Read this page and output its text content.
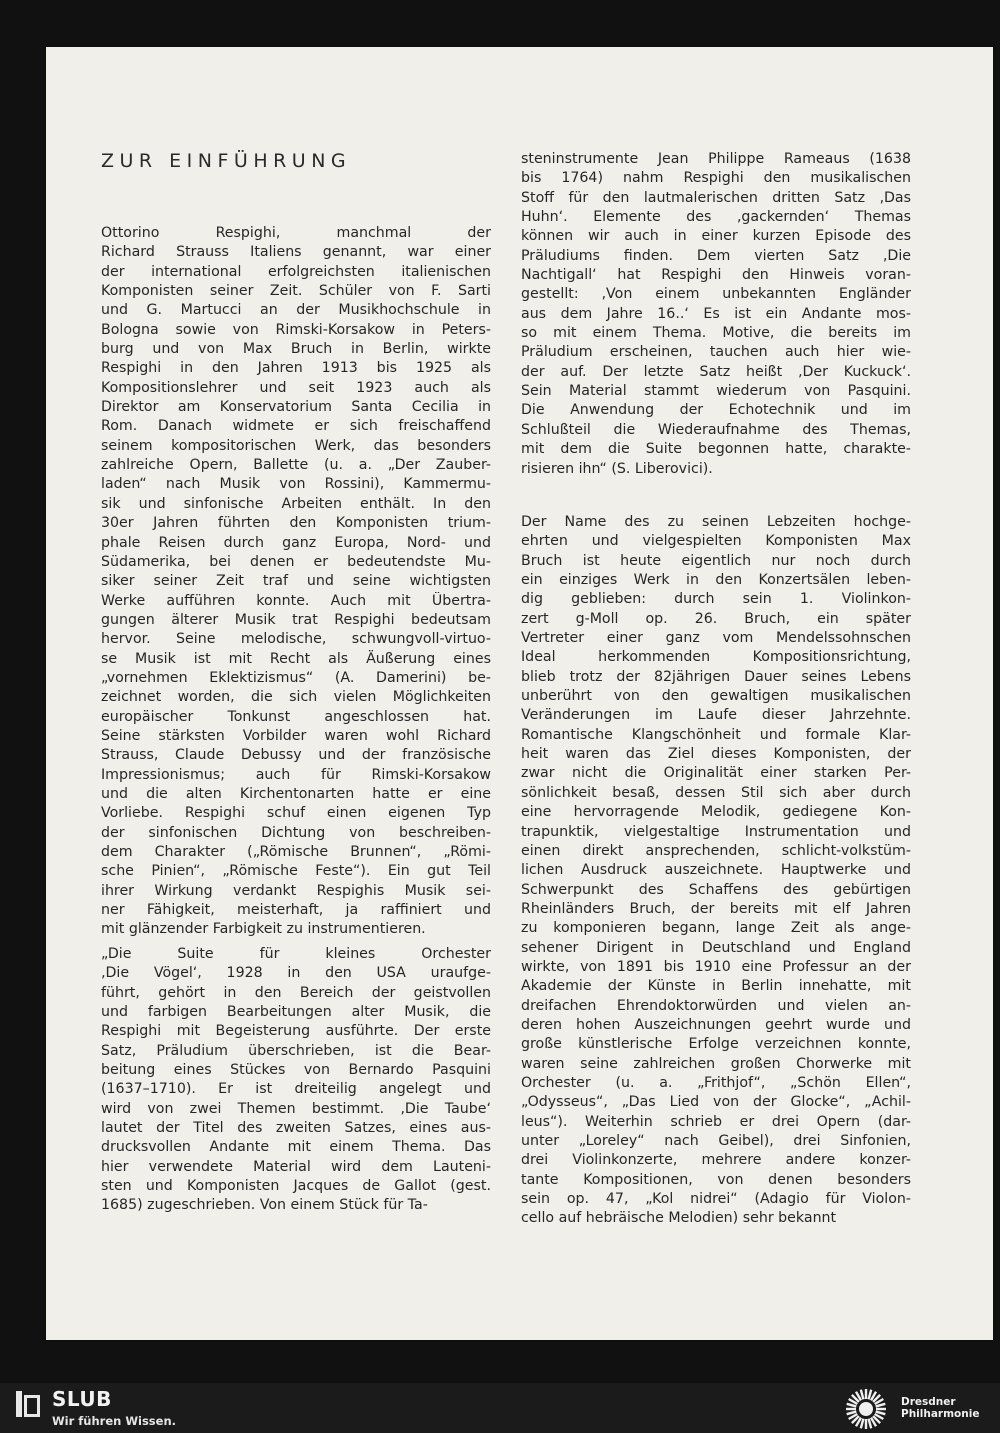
ZUR EINFÜHRUNG
Ottorino Respighi, manchmal der
Richard Strauss Italiens genannt, war einer
der international erfolgreichsten italienischen
Komponisten seiner Zeit. Schüler von F. Sarti
und G. Martucci an der Musikhochschule in
Bologna sowie von Rimski-Korsakow in Peters-
burg und von Max Bruch in Berlin, wirkte
Respighi in den Jahren 1913 bis 1925 als
Kompositionslehrer und seit 1923 auch als
Direktor am Konservatorium Santa Cecilia in
Rom. Danach widmete er sich freischaffend
seinem kompositorischen Werk, das besonders
zahlreiche Opern, Ballette (u. a. „Der Zauber-
laden“ nach Musik von Rossini), Kammermu-
sik und sinfonische Arbeiten enthält. In den
30er Jahren führten den Komponisten trium-
phale Reisen durch ganz Europa, Nord- und
Südamerika, bei denen er bedeutendste Mu-
siker seiner Zeit traf und seine wichtigsten
Werke aufführen konnte. Auch mit Übertra-
gungen älterer Musik trat Respighi bedeutsam
hervor. Seine melodische, schwungvoll-virtuo-
se Musik ist mit Recht als Äußerung eines
„vornehmen Eklektizismus“ (A. Damerini) be-
zeichnet worden, die sich vielen Möglichkeiten
europäischer Tonkunst angeschlossen hat.
Seine stärksten Vorbilder waren wohl Richard
Strauss, Claude Debussy und der französische
Impressionismus; auch für Rimski-Korsakow
und die alten Kirchentonarten hatte er eine
Vorliebe. Respighi schuf einen eigenen Typ
der sinfonischen Dichtung von beschreiben-
dem Charakter („Römische Brunnen“, „Römi-
sche Pinien“, „Römische Feste“). Ein gut Teil
ihrer Wirkung verdankt Respighis Musik sei-
ner Fähigkeit, meisterhaft, ja raffiniert und
mit glänzender Farbigkeit zu instrumentieren.
„Die Suite für kleines Orchester
‚Die Vögel‘, 1928 in den USA uraufge-
führt, gehört in den Bereich der geistvollen
und farbigen Bearbeitungen alter Musik, die
Respighi mit Begeisterung ausführte. Der erste
Satz, Präludium überschrieben, ist die Bear-
beitung eines Stückes von Bernardo Pasquini
(1637–1710). Er ist dreiteilig angelegt und
wird von zwei Themen bestimmt. ‚Die Taube‘
lautet der Titel des zweiten Satzes, eines aus-
drucksvollen Andante mit einem Thema. Das
hier verwendete Material wird dem Lauteni-
sten und Komponisten Jacques de Gallot (gest.
1685) zugeschrieben. Von einem Stück für Ta-
steninstrumente Jean Philippe Rameaus (1638
bis 1764) nahm Respighi den musikalischen
Stoff für den lautmalerischen dritten Satz ‚Das
Huhn‘. Elemente des ‚gackernden‘ Themas
können wir auch in einer kurzen Episode des
Präludiums finden. Dem vierten Satz ‚Die
Nachtigall‘ hat Respighi den Hinweis voran-
gestellt: ‚Von einem unbekannten Engländer
aus dem Jahre 16..‘ Es ist ein Andante mos-
so mit einem Thema. Motive, die bereits im
Präludium erscheinen, tauchen auch hier wie-
der auf. Der letzte Satz heißt ‚Der Kuckuck‘.
Sein Material stammt wiederum von Pasquini.
Die Anwendung der Echotechnik und im
Schlußteil die Wiederaufnahme des Themas,
mit dem die Suite begonnen hatte, charakte-
risieren ihn“ (S. Liberovici).
Der Name des zu seinen Lebzeiten hochge-
ehrten und vielgespielten Komponisten Max
Bruch ist heute eigentlich nur noch durch
ein einziges Werk in den Konzertsälen leben-
dig geblieben: durch sein 1. Violinkon-
zert g-Moll op. 26. Bruch, ein später
Vertreter einer ganz vom Mendelssohnschen
Ideal herkommenden Kompositionsrichtung,
blieb trotz der 82jährigen Dauer seines Lebens
unberührt von den gewaltigen musikalischen
Veränderungen im Laufe dieser Jahrzehnte.
Romantische Klangschönheit und formale Klar-
heit waren das Ziel dieses Komponisten, der
zwar nicht die Originalität einer starken Per-
sönlichkeit besaß, dessen Stil sich aber durch
eine hervorragende Melodik, gediegene Kon-
trapunktik, vielgestaltige Instrumentation und
einen direkt ansprechenden, schlicht-volkstüm-
lichen Ausdruck auszeichnete. Hauptwerke und
Schwerpunkt des Schaffens des gebürtigen
Rheinländers Bruch, der bereits mit elf Jahren
zu komponieren begann, lange Zeit als ange-
sehener Dirigent in Deutschland und England
wirkte, von 1891 bis 1910 eine Professur an der
Akademie der Künste in Berlin innehatte, mit
dreifachen Ehrendoktorwürden und vielen an-
deren hohen Auszeichnungen geehrt wurde und
große künstlerische Erfolge verzeichnen konnte,
waren seine zahlreichen großen Chorwerke mit
Orchester (u. a. „Frithjof“, „Schön Ellen“,
„Odysseus“, „Das Lied von der Glocke“, „Achil-
leus“). Weiterhin schrieb er drei Opern (dar-
unter „Loreley“ nach Geibel), drei Sinfonien,
drei Violinkonzerte, mehrere andere konzer-
tante Kompositionen, von denen besonders
sein op. 47, „Kol nidrei“ (Adagio für Violon-
cello auf hebräische Melodien) sehr bekannt
SLUB
Wir führen Wissen.
Dresdner
Philharmonie
